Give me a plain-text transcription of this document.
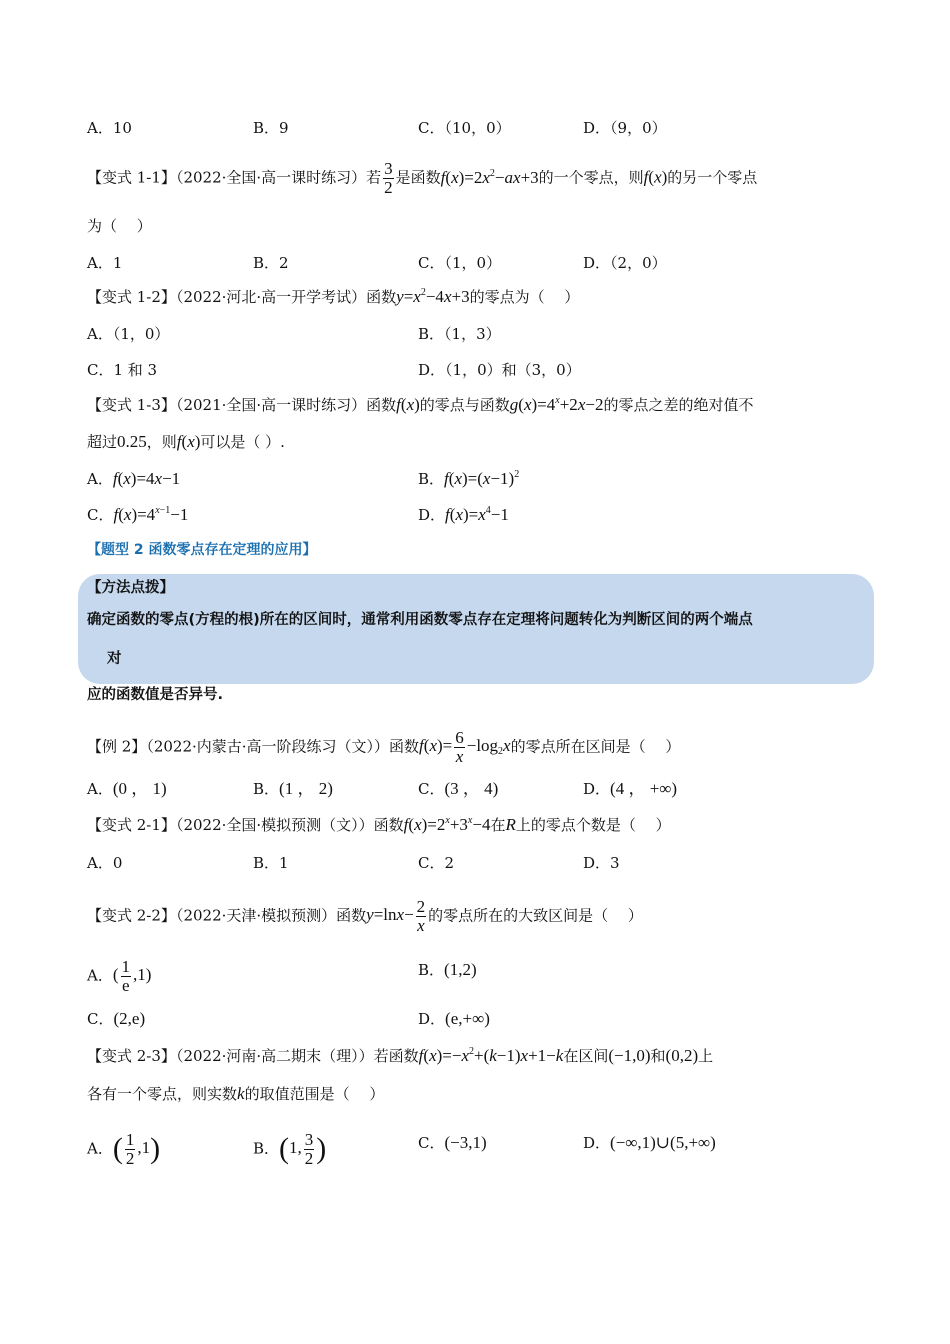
A．10	B．9	C．（10，0）	D．（9，0）
【变式 1-1】（2022·全国·高一课时练习）若 $\frac{3}{2}$ 是函数$f(x)=2x^2-ax+3$的一个零点，则f(x)的另一个零点
为（　 ）
A．1	B．2	C．（1，0）	D．（2，0）
【变式 1-2】（2022·河北·高一开学考试）函数$y=x^2-4x+3$的零点为（　 ）
A．（1，0）	B．（1，3）
C．1 和 3	D．（1，0）和（3，0）
【变式 1-3】（2021·全国·高一课时练习）函数f(x)的零点与函数$g(x)=4^x+2x-2$的零点之差的绝对值不
超过0.25，则f(x)可以是（ ）.
A．f(x)=4x−1	B．$f(x)=(x-1)^2$
C．$f(x)=4^{x-1}-1$	D．$f(x)=x^4-1$
【题型 2 函数零点存在定理的应用】
【方法点拨】
确定函数的零点(方程的根)所在的区间时，通常利用函数零点存在定理将问题转化为判断区间的两个端点
对
应的函数值是否异号.
【例 2】（2022·内蒙古·高一阶段练习（文））函数$f(x)= \frac{6}{x} -\log_2x$的零点所在区间是（　 ）
A．(0 ， 1)	B．(1 ， 2)	C．(3 ， 4)	D．(4 ， +∞)
【变式 2-1】（2022·全国·模拟预测（文））函数$f(x)=2^x+3^x-4$在R上的零点个数是（　 ）
A．0	B．1	C．2	D．3
【变式 2-2】（2022·天津·模拟预测）函数$y=\ln x- \frac{2}{x}$ 的零点所在的大致区间是（　 ）
A．( $\frac{1}{e} ,1$)	B．(1,2)
C．(2,e)	D．(e,+∞)
【变式 2-3】（2022·河南·高二期末（理））若函数$f(x)=-x^2+(k-1)x+1-k$在区间(−1,0)和(0,2)上
各有一个零点，则实数k的取值范围是（　 ）
A．( $\frac{1}{2} ,1$)	B．(1, $\frac{3}{2}$ )	C．(−3,1)	D．(−∞,1)∪(5,+∞)
